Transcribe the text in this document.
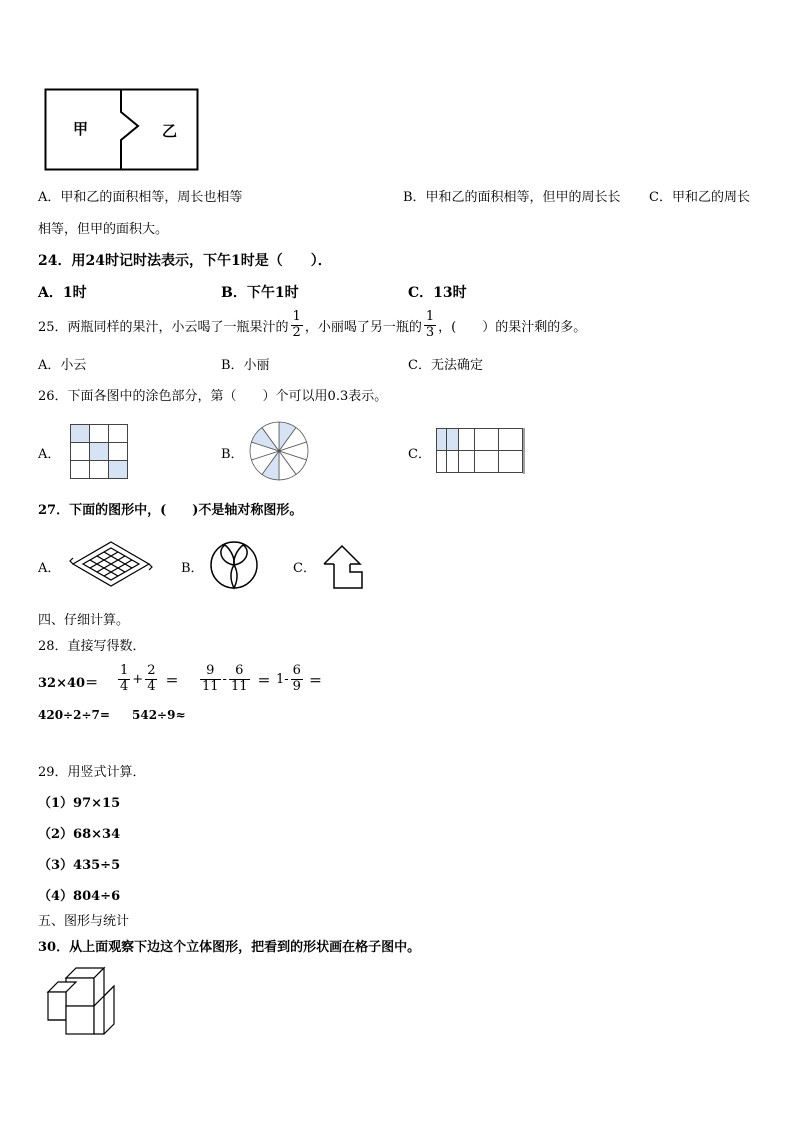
甲	乙
A．甲和乙的面积相等，周长也相等	B．甲和乙的面积相等，但甲的周长长 C．甲和乙的周长
相等，但甲的面积大。
24．用24时记时法表示，下午1时是（　　）．
A．1时	B．下午1时	C．13时
25．两瓶同样的果汁，小云喝了一瓶果汁的 $\frac{1}{2}$ ，小丽喝了另一瓶的 $\frac{1}{3}$ ，(　　）的果汁剩的多。
A．小云	B．小丽	C．无法确定
26．下面各图中的涂色部分，第（　　）个可以用0.3表示。
A．	B．	C．
27．下面的图形中，(　　)不是轴对称图形。
A．	B．	C．
四、仔细计算。
28．直接写得数．
$32\times 40= \frac{1}{4} + \frac{2}{4} = \frac{9}{11} - \frac{6}{11} = 1- \frac{6}{9}$ ＝
420÷2÷7= 542÷9≈
29．用竖式计算．
（1）97×15
（2）68×34
（3）435÷5
（4）804÷6
五、图形与统计
30．从上面观察下边这个立体图形，把看到的形状画在格子图中。
